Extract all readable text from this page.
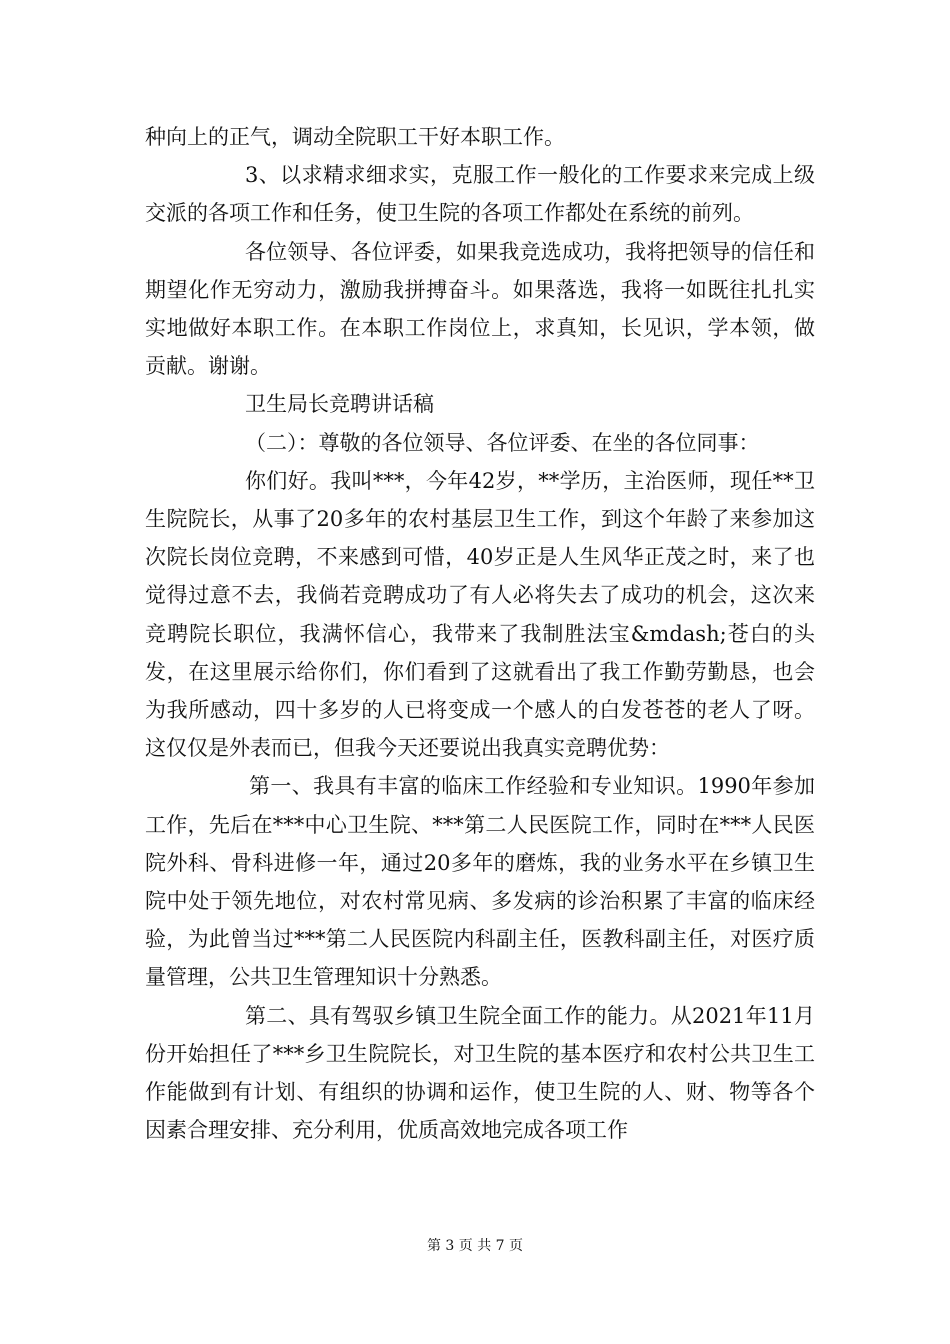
种向上的正气，调动全院职工干好本职工作。

3、以求精求细求实，克服工作一般化的工作要求来完成上级交派的各项工作和任务，使卫生院的各项工作都处在系统的前列。

各位领导、各位评委，如果我竞选成功，我将把领导的信任和期望化作无穷动力，激励我拼搏奋斗。如果落选，我将一如既往扎扎实实地做好本职工作。在本职工作岗位上，求真知，长见识，学本领，做贡献。谢谢。

卫生局长竞聘讲话稿

（二）：尊敬的各位领导、各位评委、在坐的各位同事：

你们好。我叫***，今年42岁，**学历，主治医师，现任**卫生院院长，从事了20多年的农村基层卫生工作，到这个年龄了来参加这次院长岗位竞聘，不来感到可惜，40岁正是人生风华正茂之时，来了也觉得过意不去，我倘若竞聘成功了有人必将失去了成功的机会，这次来竞聘院长职位，我满怀信心，我带来了我制胜法宝&mdash;苍白的头发，在这里展示给你们，你们看到了这就看出了我工作勤劳勤恳，也会为我所感动，四十多岁的人已将变成一个感人的白发苍苍的老人了呀。这仅仅是外表而已，但我今天还要说出我真实竞聘优势：

第一、我具有丰富的临床工作经验和专业知识。1990年参加工作，先后在***中心卫生院、***第二人民医院工作，同时在***人民医院外科、骨科进修一年，通过20多年的磨炼，我的业务水平在乡镇卫生院中处于领先地位，对农村常见病、多发病的诊治积累了丰富的临床经验，为此曾当过***第二人民医院内科副主任，医教科副主任，对医疗质量管理，公共卫生管理知识十分熟悉。

第二、具有驾驭乡镇卫生院全面工作的能力。从2021年11月份开始担任了***乡卫生院院长，对卫生院的基本医疗和农村公共卫生工作能做到有计划、有组织的协调和运作，使卫生院的人、财、物等各个因素合理安排、充分利用，优质高效地完成各项工作

第 3 页 共 7 页
